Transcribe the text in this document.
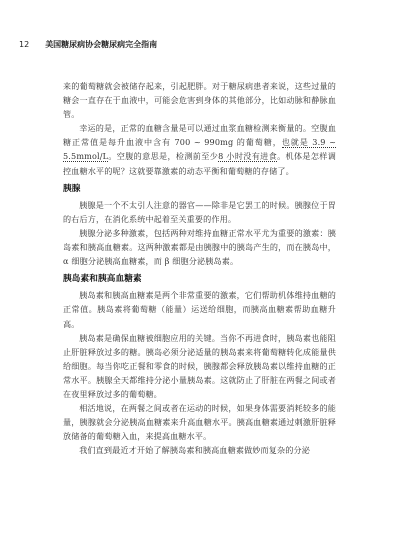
12 美国糖尿病协会糖尿病完全指南

来的葡萄糖就会被储存起来，引起肥胖。对于糖尿病患者来说，这些过量的糖会一直存在于血液中，可能会危害到身体的其他部分，比如动脉和静脉血管。

幸运的是，正常的血糖含量是可以通过血浆血糖检测来衡量的。空腹血糖正常值是每升血液中含有 700 ~ 990mg 的葡萄糖，也就是 3.9 ~ 5.5mmol/L。空腹的意思是，检测前至少8 小时没有进食。机体是怎样调控血糖水平的呢？这就要靠激素的动态平衡和葡萄糖的存储了。

胰腺

胰腺是一个不太引人注意的器官——除非是它罢工的时候。胰腺位于胃的右后方，在消化系统中起着至关重要的作用。

胰腺分泌多种激素，包括两种对维持血糖正常水平尤为重要的激素：胰岛素和胰高血糖素。这两种激素都是由胰腺中的胰岛产生的，而在胰岛中，α 细胞分泌胰高血糖素，而 β 细胞分泌胰岛素。

胰岛素和胰高血糖素

胰岛素和胰高血糖素是两个非常重要的激素，它们帮助机体维持血糖的正常值。胰岛素将葡萄糖（能量）运送给细胞，而胰高血糖素帮助血糖升高。

胰岛素是确保血糖被细胞应用的关键。当你不再进食时，胰岛素也能阻止肝脏释放过多的糖。胰岛必须分泌适量的胰岛素来将葡萄糖转化成能量供给细胞。每当你吃正餐和零食的时候，胰腺都会释放胰岛素以维持血糖的正常水平。胰腺全天都维持分泌小量胰岛素。这就防止了肝脏在两餐之间或者在夜里释放过多的葡萄糖。

相活地说，在两餐之间或者在运动的时候，如果身体需要消耗较多的能量，胰腺就会分泌胰高血糖素来升高血糖水平。胰高血糖素通过刺激肝脏释放储备的葡萄糖入血，来提高血糖水平。

我们直到最近才开始了解胰岛素和胰高血糖素做妙而复杂的分泌
